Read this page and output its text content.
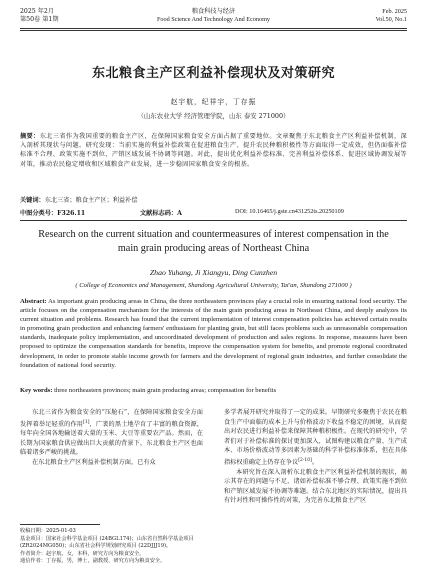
2025 年2月
第50卷 第1期
粮食科技与经济
Food Science And Technology And Economy
Feb. 2025
Vol.50, No.1
东北粮食主产区利益补偿现状及对策研究
赵宇航，纪祥宇，丁存振
（山东农业大学 经济管理学院，山东 泰安 271000）
摘要：东北三省作为我国重要的粮食主产区，在保障国家粮食安全方面占据了重要地位。文章聚焦于东北粮食主产区利益补偿机制，深入剖析其现状与问题。研究发现：当前实施的利益补偿政策在促进粮食生产、提升农民种粮积极性等方面取得一定成效，但仍面临补偿标准不合理、政策实施不到位、产销区域发展不协调等问题。对此，提出优化利益补偿标准、完善利益补偿体系、促进区域协调发展等对策，推动农民稳定增收和区域粮食产业发展，进一步稳固国家粮食安全的根基。
关键词：东北三省；粮食主产区；利益补偿
中图分类号：F326.11	文献标志码：A	DOI: 10.16465/j.gste.cn431252ts.20250109
Research on the current situation and countermeasures of interest compensation in the main grain producing areas of Northeast China
Zhao Yuhang, Ji Xiangyu, Ding Cunzhen
( College of Economics and Management, Shandong Agricultural University, Tai'an, Shandong 271000 )
Abstract: As important grain producing areas in China, the three northeastern provinces play a crucial role in ensuring national food security. The article focuses on the compensation mechanism for the interests of the main grain producing areas in Northeast China, and deeply analyzes its current situation and problems. Research has found that the current implementation of interest compensation policies has achieved certain results in promoting grain production and enhancing farmers' enthusiasm for planting grain, but still faces problems such as unreasonable compensation standards, inadequate policy implementation, and uncoordinated development of production and sales regions. In response, measures have been proposed to optimize the compensation standards for benefits, improve the compensation system for benefits, and promote regional coordinated development, in order to promote stable income growth for farmers and the development of regional grain industries, and further consolidate the foundation of national food security.
Key words: three northeastern provinces; main grain producing areas; compensation for benefits

东北三省作为粮食安全的“压舱石”，在保障国家粮食安全方面发挥着举足轻重的作用[1]，广袤的黑土地孕育了丰富的粮食资源，每年向全国各地输送着大量的玉米、大豆等重要农产品。然而，在长期为国家粮食供应做出巨大贡献的背景下，东北粮食主产区也面临着诸多严峻的挑战。

在东北粮食主产区利益补偿机制方面，已有众

多学者展开研究并取得了一定的成果。早期研究多聚焦于农民在粮食生产中面临的成本上升与价格波动下收益不稳定的困境，从而提出对农民进行利益补偿来保障其种粮积极性。在现代的研究中，学者们对于补偿标准的探讨更加深入，试图构建以粮食产量、生产成本、市场价格波动等多因素为基础的科学补偿标准体系，但在具体指标权重确定上仍存在争议[2-10]。

本研究旨在深入剖析东北粮食主产区利益补偿机制的现状，揭示其存在的问题与不足，诸如补偿标准不够合理、政策实施不到位和产销区域发展不协调等难题。结合东北地区的实际情况，提出具有针对性和可操作性的对策，为完善东北粮食主产区

收稿日期：2025-01-03
基金项目：国家社会科学基金项目 (24BGL174)；山东省自然科学基金项目 (ZR2024MG050)；山东省社会科学规划研究项目 (22DJJJ19)。
作者简介：赵宇航，女，本科，研究方向为粮食安全。
通信作者：丁存振，男，博士，副教授，研究方向为粮食安全。
